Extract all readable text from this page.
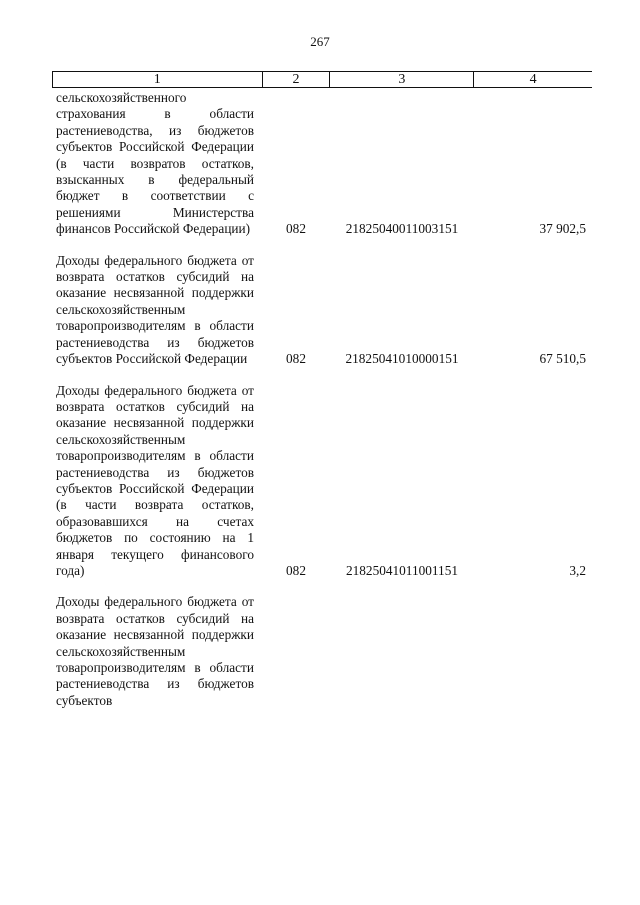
267
1	2	3	4
сельскохозяйственного страхования в области растениеводства, из бюджетов субъектов Российской Федерации (в части возвратов остатков, взысканных в федеральный бюджет в соответствии с решениями Министерства финансов Российской Федерации)	082	21825040011003151	37 902,5
Доходы федерального бюджета от возврата остатков субсидий на оказание несвязанной поддержки сельскохозяйственным товаропроизводителям в области растениеводства из бюджетов субъектов Российской Федерации	082	21825041010000151	67 510,5
Доходы федерального бюджета от возврата остатков субсидий на оказание несвязанной поддержки сельскохозяйственным товаропроизводителям в области растениеводства из бюджетов субъектов Российской Федерации (в части возврата остатков, образовавшихся на счетах бюджетов по состоянию на 1 января текущего финансового года)	082	21825041011001151	3,2
Доходы федерального бюджета от возврата остатков субсидий на оказание несвязанной поддержки сельскохозяйственным товаропроизводителям в области растениеводства из бюджетов субъектов
